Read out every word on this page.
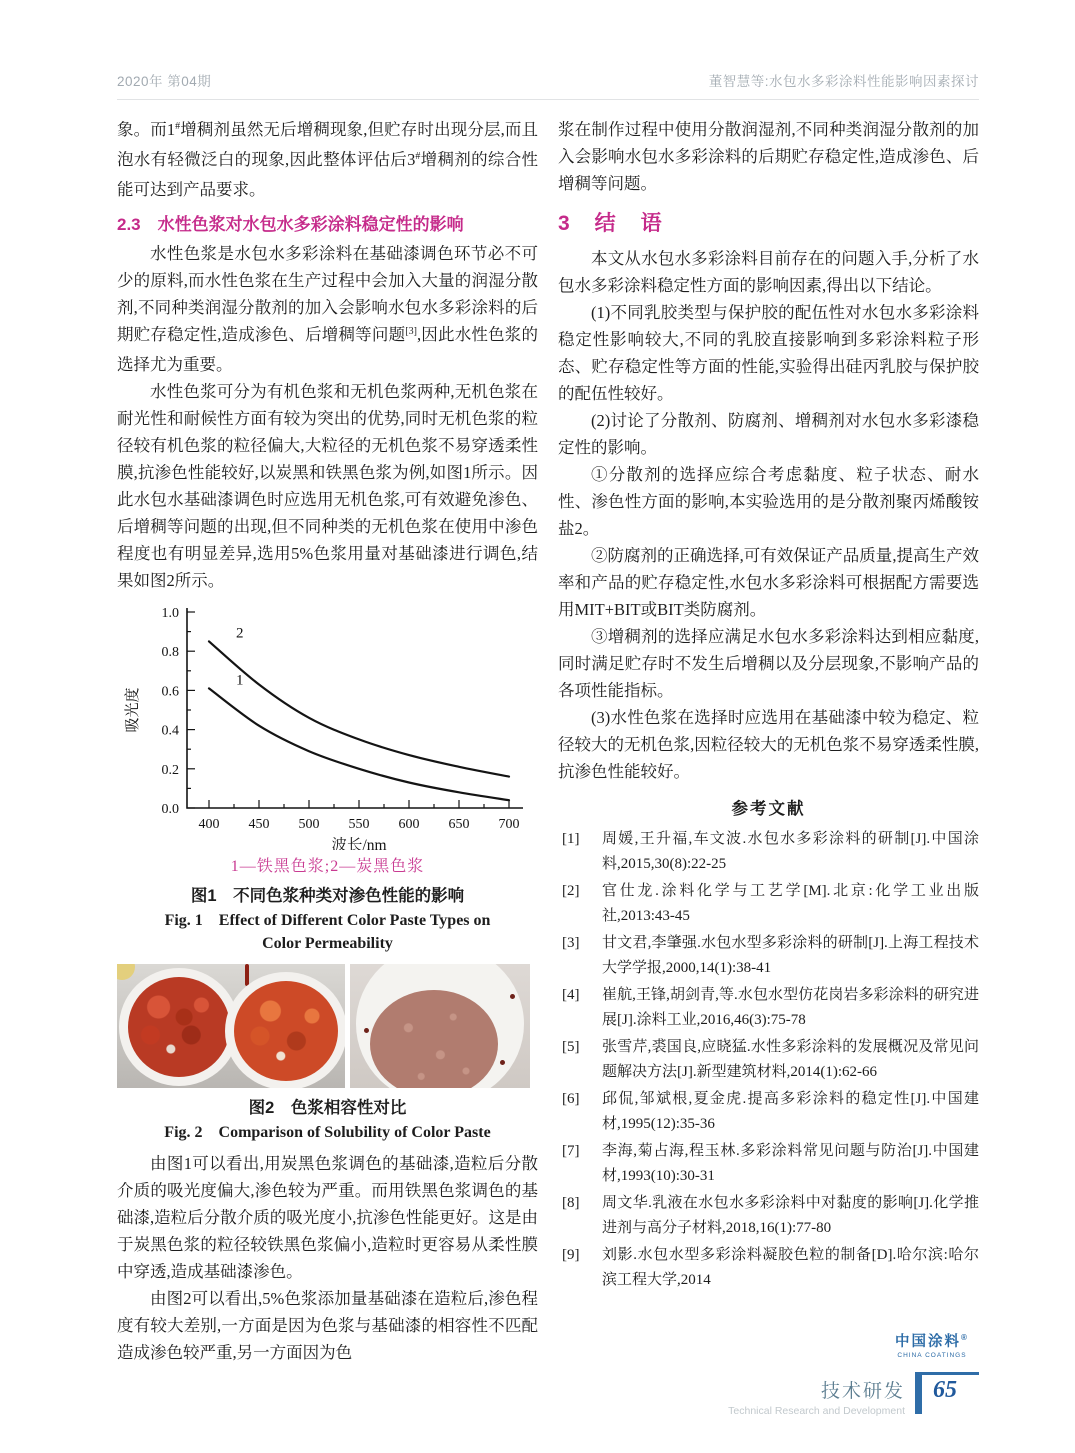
2020年 第04期	董智慧等:水包水多彩涂料性能影响因素探讨

象。而1#增稠剂虽然无后增稠现象,但贮存时出现分层,而且泡水有轻微泛白的现象,因此整体评估后3#增稠剂的综合性能可达到产品要求。

2.3　水性色浆对水包水多彩涂料稳定性的影响

水性色浆是水包水多彩涂料在基础漆调色环节必不可少的原料,而水性色浆在生产过程中会加入大量的润湿分散剂,不同种类润湿分散剂的加入会影响水包水多彩涂料的后期贮存稳定性,造成渗色、后增稠等问题[3],因此水性色浆的选择尤为重要。

水性色浆可分为有机色浆和无机色浆两种,无机色浆在耐光性和耐候性方面有较为突出的优势,同时无机色浆的粒径较有机色浆的粒径偏大,大粒径的无机色浆不易穿透柔性膜,抗渗色性能较好,以炭黑和铁黑色浆为例,如图1所示。因此水包水基础漆调色时应选用无机色浆,可有效避免渗色、后增稠等问题的出现,但不同种类的无机色浆在使用中渗色程度也有明显差异,选用5%色浆用量对基础漆进行调色,结果如图2所示。

0.0
0.2
0.4
0.6
0.8
1.0
400 450 500 550 600 650 700
吸光度
波长/nm
1
2
1—铁黑色浆;2—炭黑色浆
图1　不同色浆种类对渗色性能的影响
Fig. 1　Effect of Different Color Paste Types on Color Permeability
图2　色浆相容性对比
Fig. 2　Comparison of Solubility of Color Paste

由图1可以看出,用炭黑色浆调色的基础漆,造粒后分散介质的吸光度偏大,渗色较为严重。而用铁黑色浆调色的基础漆,造粒后分散介质的吸光度小,抗渗色性能更好。这是由于炭黑色浆的粒径较铁黑色浆偏小,造粒时更容易从柔性膜中穿透,造成基础漆渗色。

由图2可以看出,5%色浆添加量基础漆在造粒后,渗色程度有较大差别,一方面是因为色浆与基础漆的相容性不匹配造成渗色较严重,另一方面因为色

浆在制作过程中使用分散润湿剂,不同种类润湿分散剂的加入会影响水包水多彩涂料的后期贮存稳定性,造成渗色、后增稠等问题。

3　结　语

本文从水包水多彩涂料目前存在的问题入手,分析了水包水多彩涂料稳定性方面的影响因素,得出以下结论。

(1)不同乳胶类型与保护胶的配伍性对水包水多彩涂料稳定性影响较大,不同的乳胶直接影响到多彩涂料粒子形态、贮存稳定性等方面的性能,实验得出硅丙乳胶与保护胶的配伍性较好。

(2)讨论了分散剂、防腐剂、增稠剂对水包水多彩漆稳定性的影响。

①分散剂的选择应综合考虑黏度、粒子状态、耐水性、渗色性方面的影响,本实验选用的是分散剂聚丙烯酸铵盐2。

②防腐剂的正确选择,可有效保证产品质量,提高生产效率和产品的贮存稳定性,水包水多彩涂料可根据配方需要选用MIT+BIT或BIT类防腐剂。

③增稠剂的选择应满足水包水多彩涂料达到相应黏度,同时满足贮存时不发生后增稠以及分层现象,不影响产品的各项性能指标。

(3)水性色浆在选择时应选用在基础漆中较为稳定、粒径较大的无机色浆,因粒径较大的无机色浆不易穿透柔性膜,抗渗色性能较好。

参考文献
[1] 周媛,王升福,车文波.水包水多彩涂料的研制[J].中国涂料,2015,30(8):22-25
[2] 官仕龙.涂料化学与工艺学[M].北京:化学工业出版社,2013:43-45
[3] 甘文君,李肇强.水包水型多彩涂料的研制[J].上海工程技术大学学报,2000,14(1):38-41
[4] 崔航,王锋,胡剑青,等.水包水型仿花岗岩多彩涂料的研究进展[J].涂料工业,2016,46(3):75-78
[5] 张雪芹,裘国良,应晓猛.水性多彩涂料的发展概况及常见问题解决方法[J].新型建筑材料,2014(1):62-66
[6] 邱侃,邹斌根,夏金虎.提高多彩涂料的稳定性[J].中国建材,1995(12):35-36
[7] 李海,菊占海,程玉林.多彩涂料常见问题与防治[J].中国建材,1993(10):30-31
[8] 周文华.乳液在水包水多彩涂料中对黏度的影响[J].化学推进剂与高分子材料,2018,16(1):77-80
[9] 刘影.水包水型多彩涂料凝胶色粒的制备[D].哈尔滨:哈尔滨工程大学,2014
中国涂料®
CHINA COATINGS
技术研发
Technical Research and Development
65
